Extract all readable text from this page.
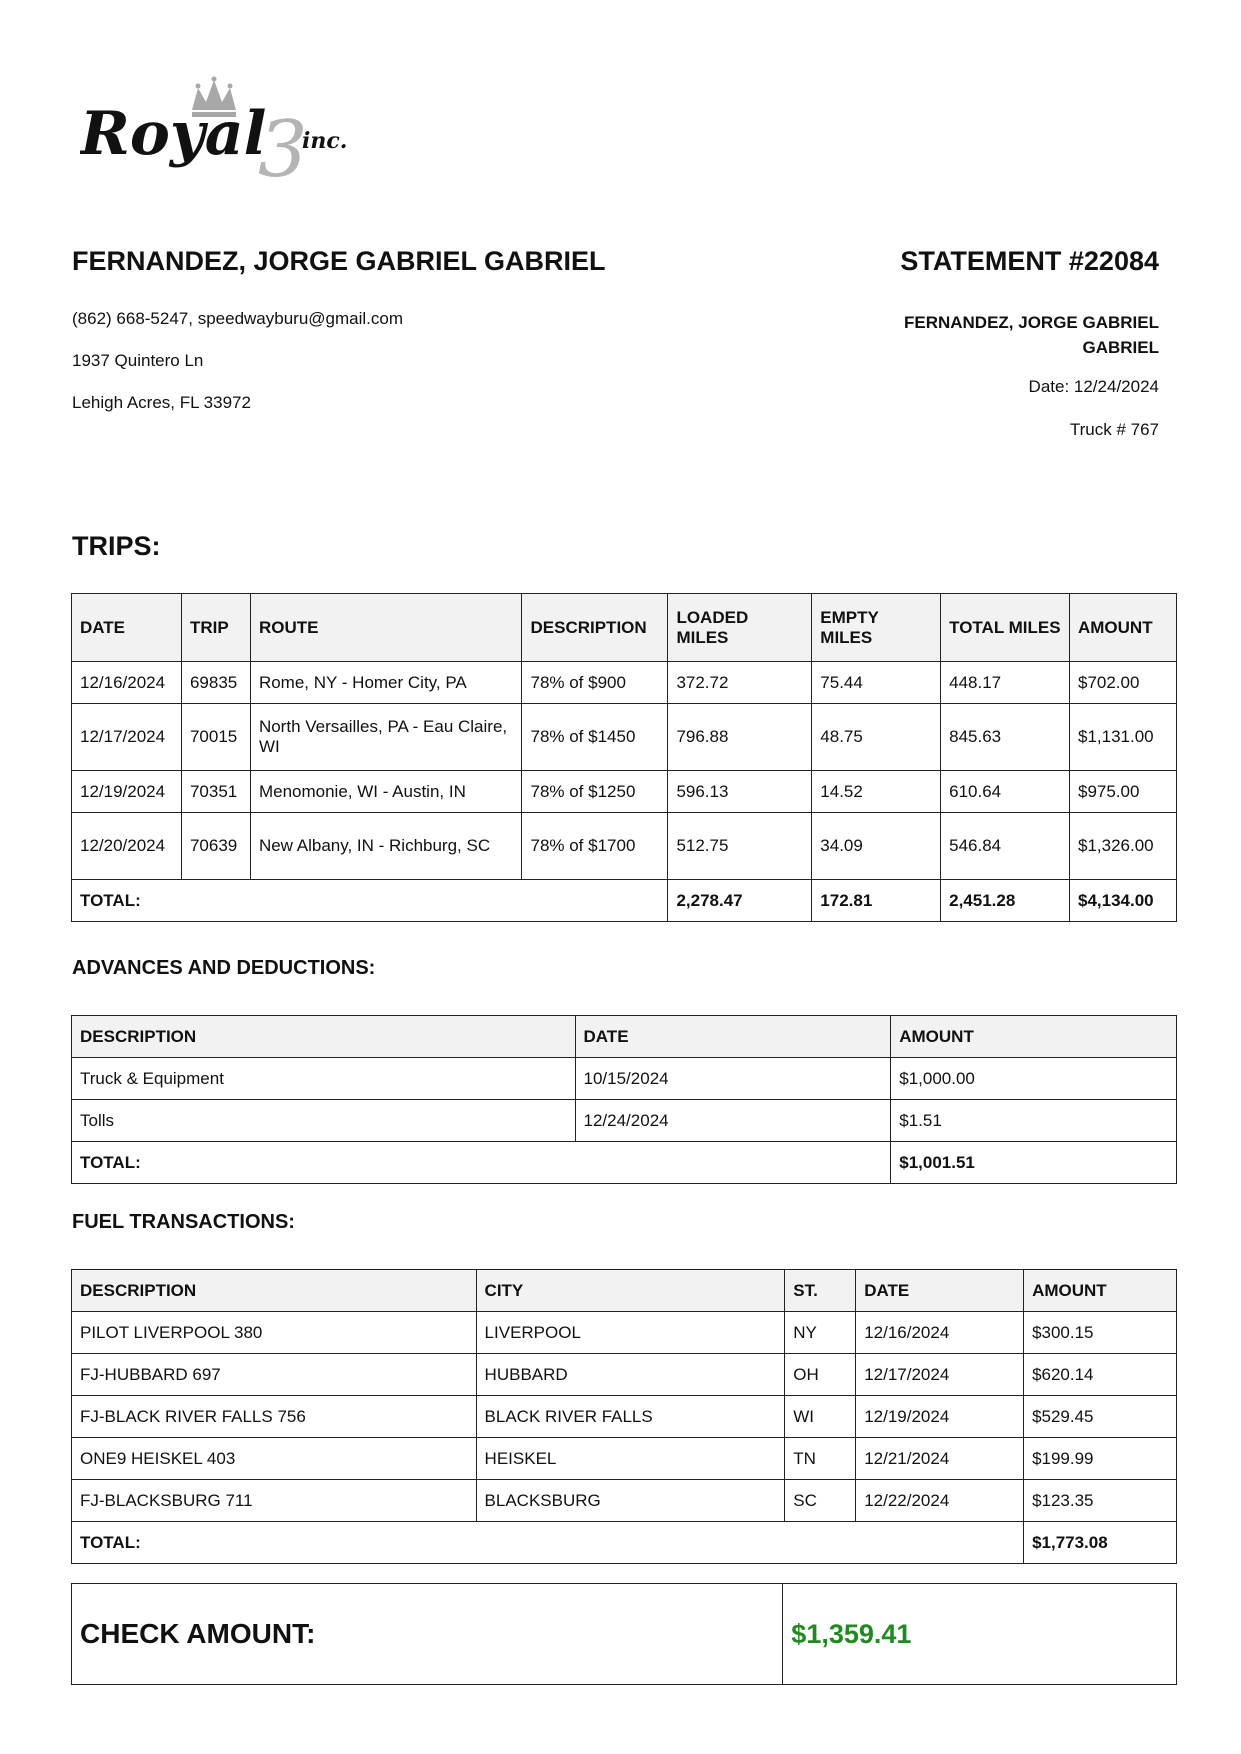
Royal
3
inc.
FERNANDEZ, JORGE GABRIEL GABRIEL
(862) 668-5247, speedwayburu@gmail.com
1937 Quintero Ln
Lehigh Acres, FL 33972
STATEMENT #22084
FERNANDEZ, JORGE GABRIEL GABRIEL
Date: 12/24/2024
Truck # 767
TRIPS:
DATE	TRIP	ROUTE	DESCRIPTION	LOADED MILES	EMPTY MILES	TOTAL MILES	AMOUNT
12/16/2024	69835	Rome, NY - Homer City, PA	78% of $900	372.72	75.44	448.17	$702.00
12/17/2024	70015	North Versailles, PA - Eau Claire, WI	78% of $1450	796.88	48.75	845.63	$1,131.00
12/19/2024	70351	Menomonie, WI - Austin, IN	78% of $1250	596.13	14.52	610.64	$975.00
12/20/2024	70639	New Albany, IN - Richburg, SC	78% of $1700	512.75	34.09	546.84	$1,326.00
TOTAL:				2,278.47	172.81	2,451.28	$4,134.00
ADVANCES AND DEDUCTIONS:
DESCRIPTION	DATE	AMOUNT
Truck & Equipment	10/15/2024	$1,000.00
Tolls	12/24/2024	$1.51
TOTAL:		$1,001.51
FUEL TRANSACTIONS:
DESCRIPTION	CITY	ST.	DATE	AMOUNT
PILOT LIVERPOOL 380	LIVERPOOL	NY	12/16/2024	$300.15
FJ-HUBBARD 697	HUBBARD	OH	12/17/2024	$620.14
FJ-BLACK RIVER FALLS 756	BLACK RIVER FALLS	WI	12/19/2024	$529.45
ONE9 HEISKEL 403	HEISKEL	TN	12/21/2024	$199.99
FJ-BLACKSBURG 711	BLACKSBURG	SC	12/22/2024	$123.35
TOTAL:				$1,773.08
CHECK AMOUNT:	$1,359.41
